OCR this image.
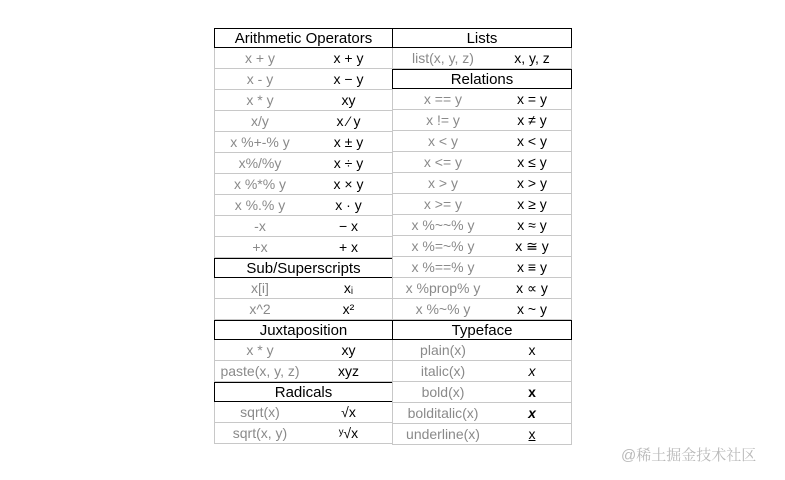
Arithmetic Operators
x + y	x + y
x - y	x − y
x * y	xy
x/y	x ⁄ y
x %+-% y	x ± y
x%/%y	x ÷ y
x %*% y	x × y
x %.% y	x · y
-x	− x
+x	+ x
Sub/Superscripts
x[i]	xᵢ
x^2	x²
Juxtaposition
x * y	xy
paste(x, y, z)	xyz
Radicals
sqrt(x)	√x
sqrt(x, y)	ʸ√x
Lists
list(x, y, z)	x, y, z
Relations
x == y	x = y
x != y	x ≠ y
x < y	x < y
x <= y	x ≤ y
x > y	x > y
x >= y	x ≥ y
x %~~% y	x ≈ y
x %=~% y	x ≅ y
x %==% y	x ≡ y
x %prop% y	x ∝ y
x %~% y	x ~ y
Typeface
plain(x)	x
italic(x)	x
bold(x)	x
bolditalic(x)	x
underline(x)	x
@稀土掘金技术社区
